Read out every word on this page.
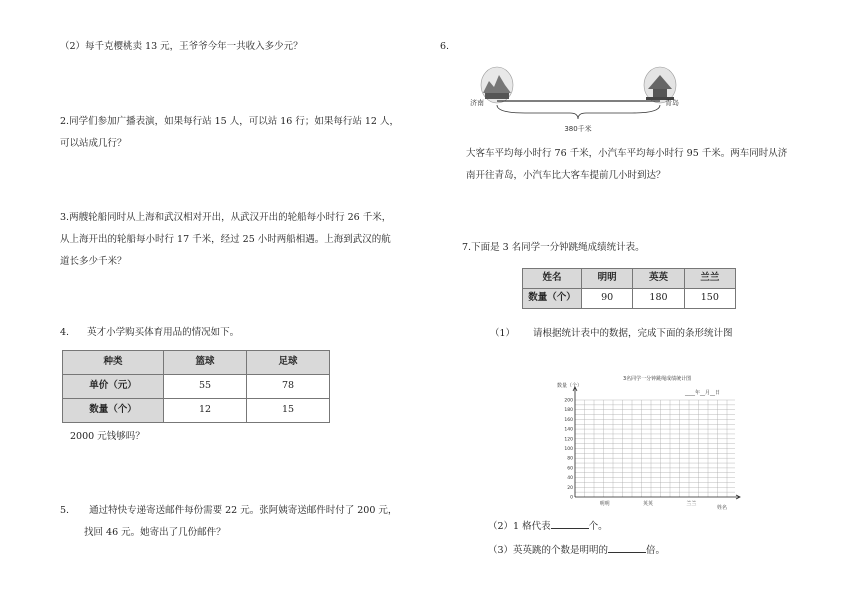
（2）每千克樱桃卖 13 元，王爷爷今年一共收入多少元？

2.同学们参加广播表演，如果每行站 15 人，可以站 16 行；如果每行站 12 人，
可以站成几行？
3.两艘轮船同时从上海和武汉相对开出，从武汉开出的轮船每小时行 26 千米，
从上海开出的轮船每小时行 17 千米，经过 25 小时两船相遇。上海到武汉的航
道长多少千米？

4. 英才小学购买体育用品的情况如下。

种类	篮球	足球
单价（元）	55	78
数量（个）	12	15

2000 元钱够吗？

5. 通过特快专递寄送邮件每份需要 22 元。张阿姨寄送邮件时付了 200 元，
找回 46 元。她寄出了几份邮件？

6.

济南	青岛
380千米
大客车平均每小时行 76 千米，小汽车平均每小时行 95 千米。两车同时从济
南开往青岛，小汽车比大客车提前几小时到达？

7.下面是 3 名同学一分钟跳绳成绩统计表。

姓名	明明	英英	兰兰
数量（个）	90	180	150

（1） 请根据统计表中的数据，完成下面的条形统计图

3名同学一分钟跳绳成绩统计图
____年__月__日
数量（个）
姓名
0
20
40
60
80
100
120
140
160
180
200
明明	英英	兰兰

（2）1 格代表	个。

（3）英英跳的个数是明明的	倍。
